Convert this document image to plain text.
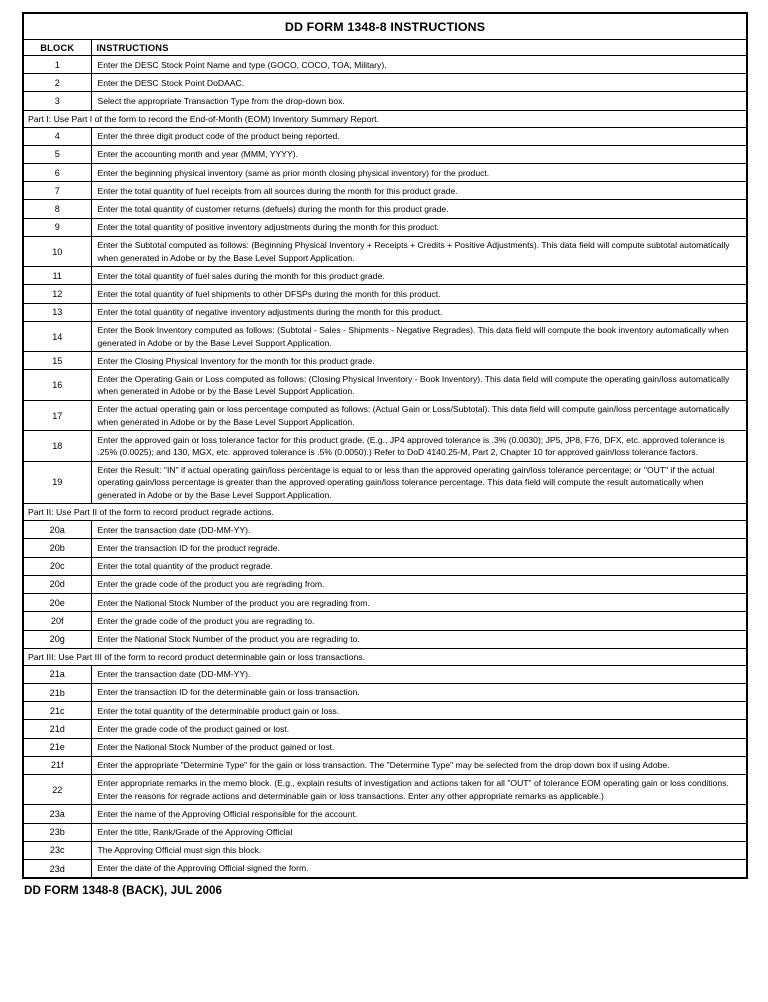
DD FORM 1348-8 INSTRUCTIONS	
BLOCK	INSTRUCTIONS
1	Enter the DESC Stock Point Name and type (GOCO, COCO, TOA, Military).
2	Enter the DESC Stock Point DoDAAC.
3	Select the appropriate Transaction Type from the drop-down box.
Part I: Use Part I of the form to record the End-of-Month (EOM) Inventory Summary Report.	
4	Enter the three digit product code of the product being reported.
5	Enter the accounting month and year (MMM, YYYY).
6	Enter the beginning physical inventory (same as prior month closing physical inventory) for the product.
7	Enter the total quantity of fuel receipts from all sources during the month for this product grade.
8	Enter the total quantity of customer returns (defuels) during the month for this product grade.
9	Enter the total quantity of positive inventory adjustments during the month for this product.
10	Enter the Subtotal computed as follows: (Beginning Physical Inventory + Receipts + Credits + Positive Adjustments). This data field will compute subtotal automatically when generated in Adobe or by the Base Level Support Application.
11	Enter the total quantity of fuel sales during the month for this product grade.
12	Enter the total quantity of fuel shipments to other DFSPs during the month for this product.
13	Enter the total quantity of negative inventory adjustments during the month for this product.
14	Enter the Book Inventory computed as follows: (Subtotal - Sales - Shipments - Negative Regrades). This data field will compute the book inventory automatically when generated in Adobe or by the Base Level Support Application.
15	Enter the Closing Physical Inventory for the month for this product grade.
16	Enter the Operating Gain or Loss computed as follows: (Closing Physical Inventory - Book Inventory). This data field will compute the operating gain/loss automatically when generated in Adobe or by the Base Level Support Application.
17	Enter the actual operating gain or loss percentage computed as follows: (Actual Gain or Loss/Subtotal). This data field will compute gain/loss percentage automatically when generated in Adobe or by the Base Level Support Application.
18	Enter the approved gain or loss tolerance factor for this product grade. (E.g., JP4 approved tolerance is .3% (0.0030); JP5, JP8, F76, DFX, etc. approved tolerance is .25% (0.0025); and 130, MGX, etc. approved tolerance is .5% (0.0050).) Refer to DoD 4140.25-M, Part 2, Chapter 10 for approved gain/loss tolerance factors.
19	Enter the Result: "IN" if actual operating gain/loss percentage is equal to or less than the approved operating gain/loss tolerance percentage; or "OUT" if the actual operating gain/loss percentage is greater than the approved operating gain/loss tolerance percentage. This data field will compute the result automatically when generated in Adobe or by the Base Level Support Application.
Part II: Use Part II of the form to record product regrade actions.	
20a	Enter the transaction date (DD-MM-YY).
20b	Enter the transaction ID for the product regrade.
20c	Enter the total quantity of the product regrade.
20d	Enter the grade code of the product you are regrading from.
20e	Enter the National Stock Number of the product you are regrading from.
20f	Enter the grade code of the product you are regrading to.
20g	Enter the National Stock Number of the product you are regrading to.
Part III: Use Part III of the form to record product determinable gain or loss transactions.	
21a	Enter the transaction date (DD-MM-YY).
21b	Enter the transaction ID for the determinable gain or loss transaction.
21c	Enter the total quantity of the determinable product gain or loss.
21d	Enter the grade code of the product gained or lost.
21e	Enter the National Stock Number of the product gained or lost.
21f	Enter the appropriate "Determine Type" for the gain or loss transaction. The "Determine Type" may be selected from the drop down box if using Adobe.
22	Enter appropriate remarks in the memo block. (E.g., explain results of investigation and actions taken for all "OUT" of tolerance EOM operating gain or loss conditions. Enter the reasons for regrade actions and determinable gain or loss transactions. Enter any other appropriate remarks as applicable.)
23a	Enter the name of the Approving Official responsible for the account.
23b	Enter the title, Rank/Grade of the Approving Official
23c	The Approving Official must sign this block.
23d	Enter the date of the Approving Official signed the form.
DD FORM 1348-8 (BACK), JUL 2006
